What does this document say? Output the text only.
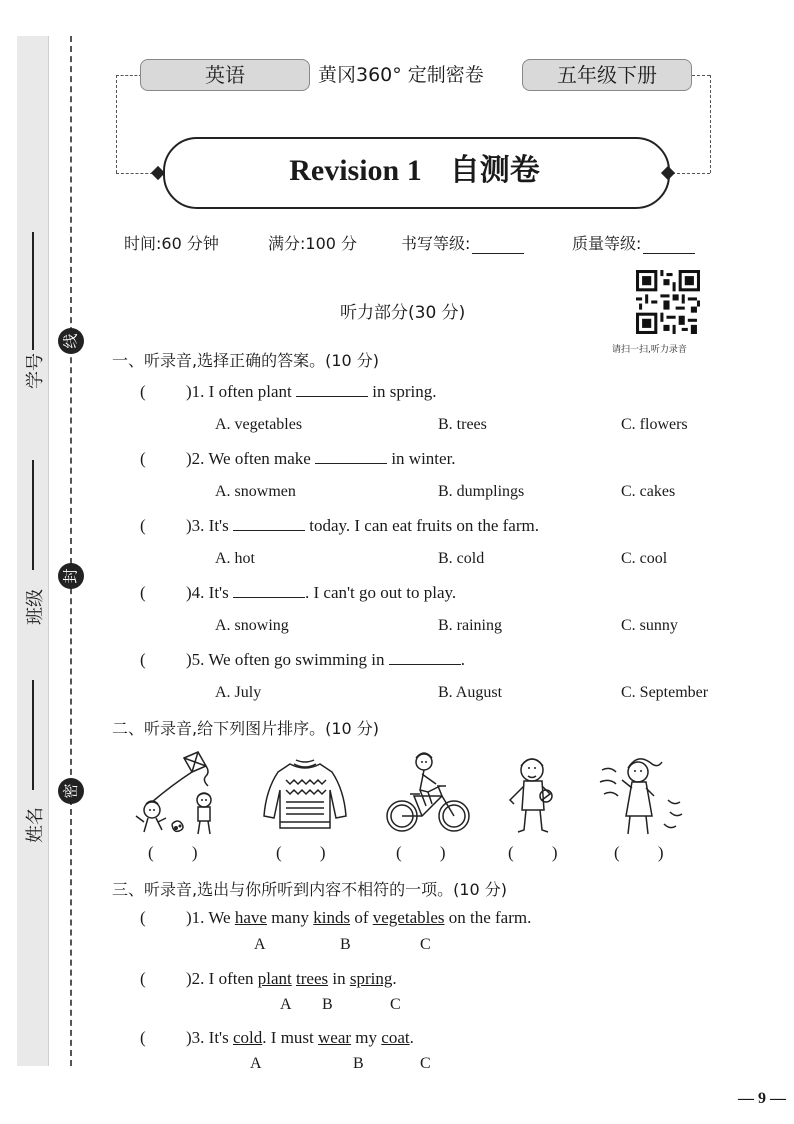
学号
班级
姓名
线
封
密
英语	黄冈360° 定制密卷	五年级下册
Revision 1 自测卷
时间:60 分钟	满分:100 分	书写等级:	质量等级:
听力部分(30 分)
请扫一扫,听力录音
一、听录音,选择正确的答案。(10 分)
( )1. I often plant	in spring.
A. vegetables	B. trees	C. flowers
( )2. We often make	in winter.
A. snowmen	B. dumplings	C. cakes
( )3. It's	today. I can eat fruits on the farm.
A. hot	B. cold	C. cool
( )4. It's	. I can't go out to play.
A. snowing	B. raining	C. sunny
( )5. We often go swimming in	.
A. July	B. August	C. September
二、听录音,给下列图片排序。(10 分)
(         )	(         )	(         )	(         )	(         )
三、听录音,选出与你所听到内容不相符的一项。(10 分)
( )1. We have many kinds of vegetables on the farm.
A	B	C
( )2. I often plant trees in spring.
A B	C
( )3. It's cold. I must wear my coat.
A	B	C
— 9 —
